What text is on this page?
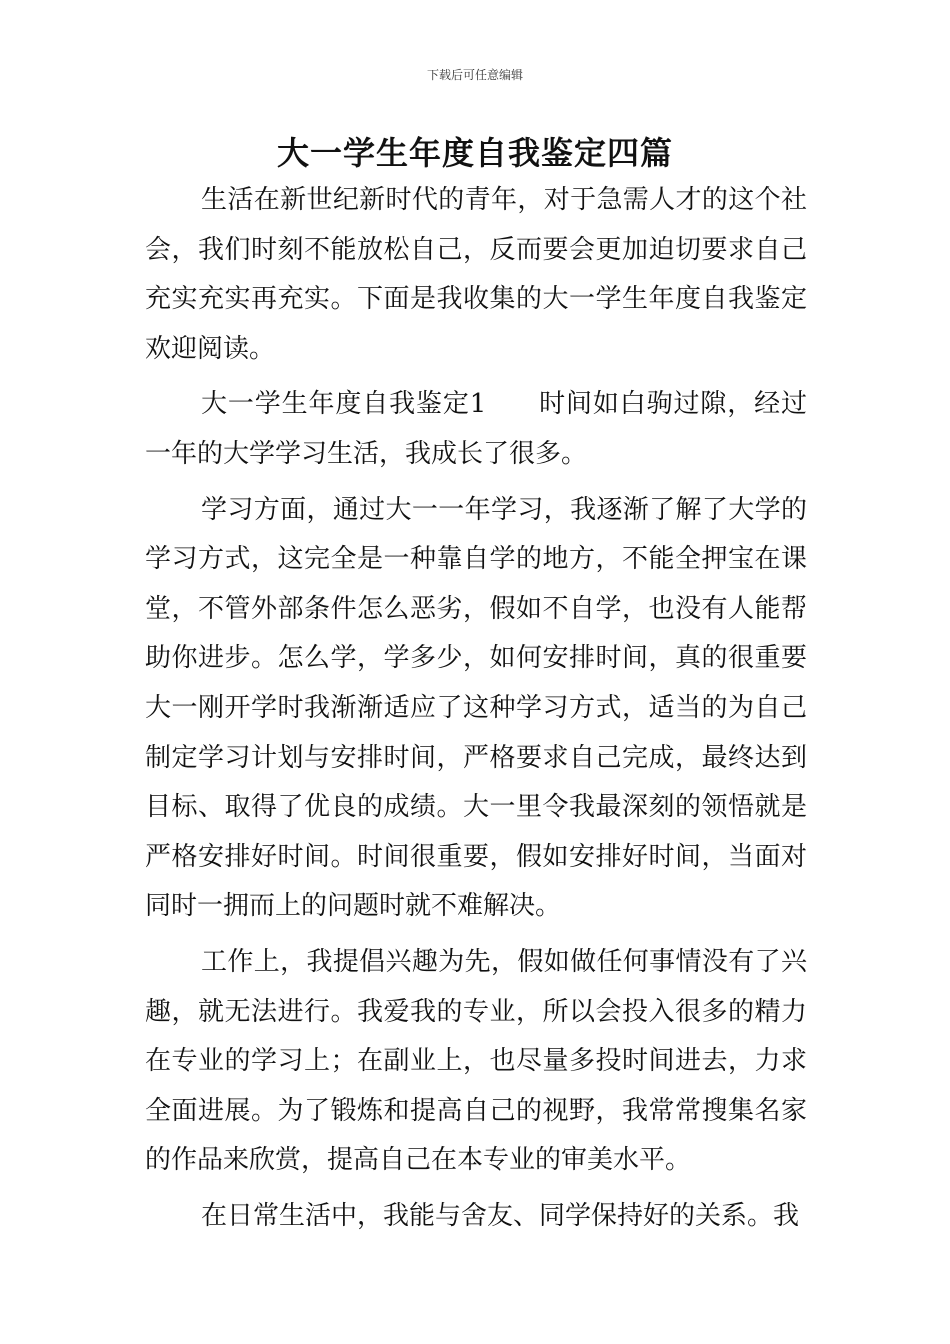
下载后可任意编辑
大一学生年度自我鉴定四篇

生活在新世纪新时代的青年，对于急需人才的这个社会，我们时刻不能放松自己，反而要会更加迫切要求自己充实充实再充实。下面是我收集的大一学生年度自我鉴定欢迎阅读。

大一学生年度自我鉴定1 时间如白驹过隙，经过一年的大学学习生活，我成长了很多。

学习方面，通过大一一年学习，我逐渐了解了大学的学习方式，这完全是一种靠自学的地方，不能全押宝在课堂，不管外部条件怎么恶劣，假如不自学，也没有人能帮助你进步。怎么学，学多少，如何安排时间，真的很重要大一刚开学时我渐渐适应了这种学习方式，适当的为自己制定学习计划与安排时间，严格要求自己完成，最终达到目标、取得了优良的成绩。大一里令我最深刻的领悟就是严格安排好时间。时间很重要，假如安排好时间，当面对同时一拥而上的问题时就不难解决。

工作上，我提倡兴趣为先，假如做任何事情没有了兴趣，就无法进行。我爱我的专业，所以会投入很多的精力在专业的学习上；在副业上，也尽量多投时间进去，力求全面进展。为了锻炼和提高自己的视野，我常常搜集名家的作品来欣赏，提高自己在本专业的审美水平。

在日常生活中，我能与舍友、同学保持好的关系。我
